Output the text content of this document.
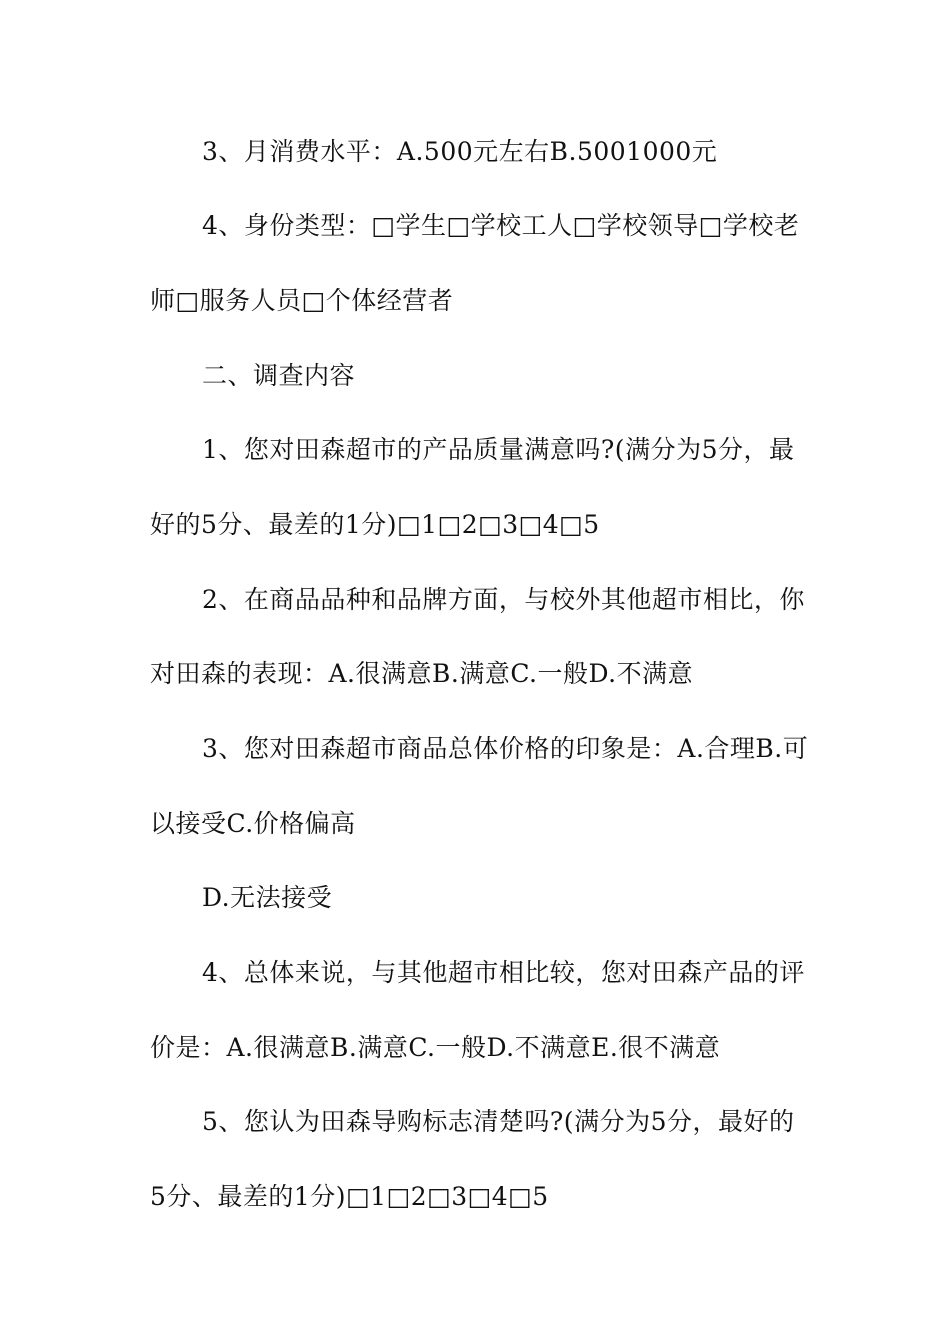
3、月消费水平：A.500元左右B.5001000元
4、身份类型：□学生□学校工人□学校领导□学校老
师□服务人员□个体经营者
二、调查内容
1、您对田森超市的产品质量满意吗?(满分为5分，最
好的5分、最差的1分)□1□2□3□4□5
2、在商品品种和品牌方面，与校外其他超市相比，你
对田森的表现：A.很满意B.满意C.一般D.不满意
3、您对田森超市商品总体价格的印象是：A.合理B.可
以接受C.价格偏高
D.无法接受
4、总体来说，与其他超市相比较，您对田森产品的评
价是：A.很满意B.满意C.一般D.不满意E.很不满意
5、您认为田森导购标志清楚吗?(满分为5分，最好的
5分、最差的1分)□1□2□3□4□5
